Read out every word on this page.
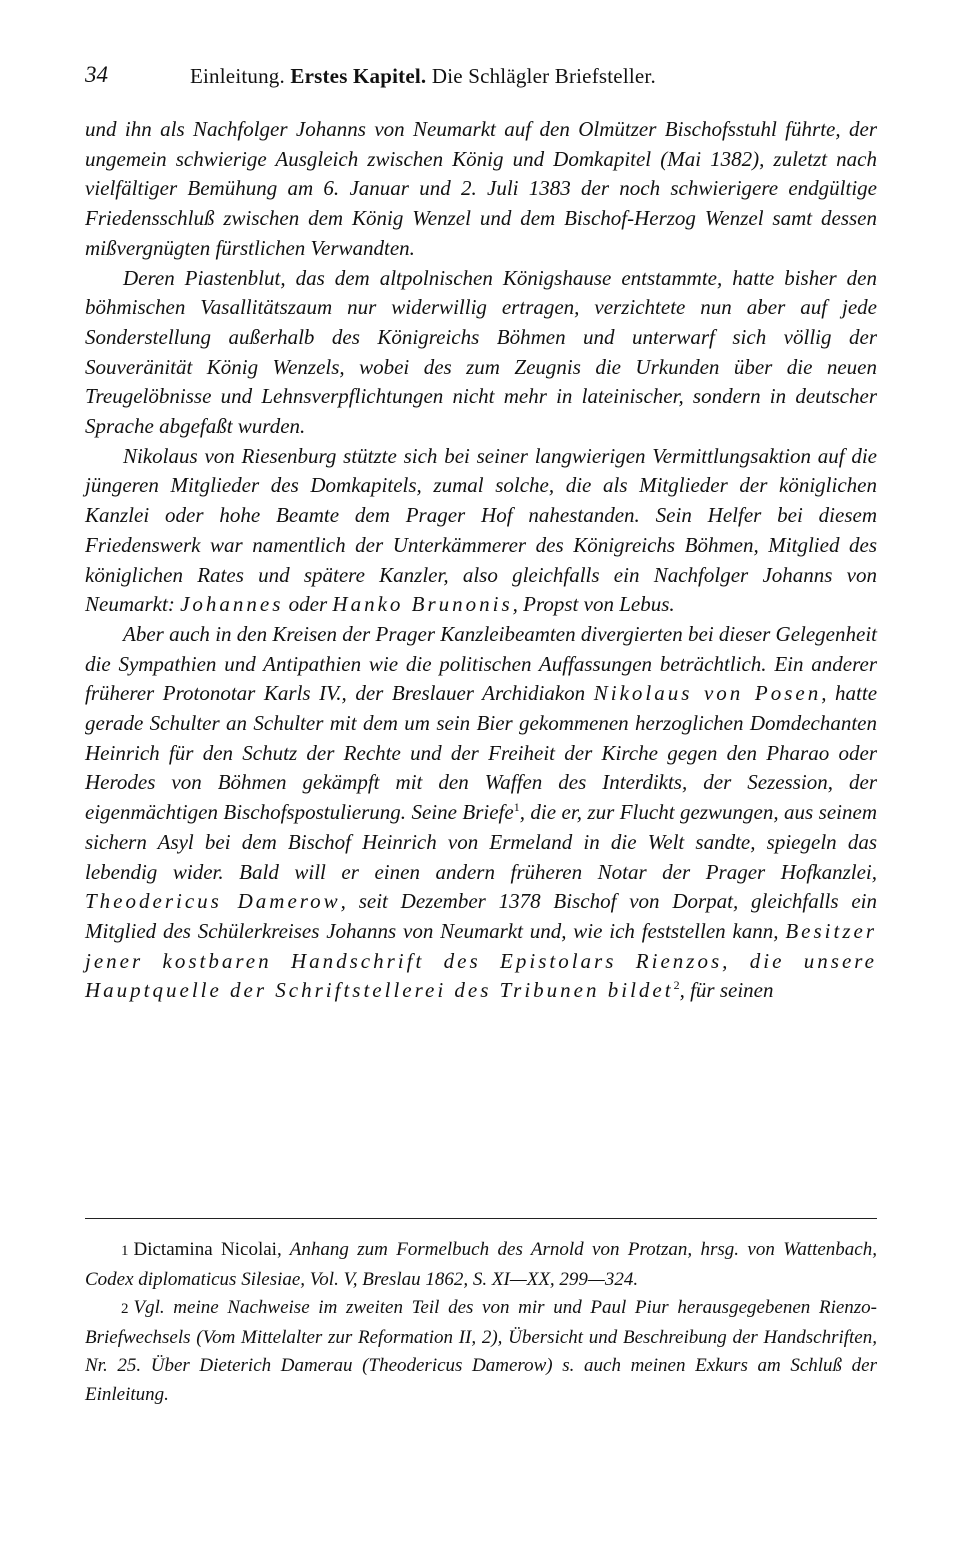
34	Einleitung. Erstes Kapitel. Die Schlägler Briefsteller.

und ihn als Nachfolger Johanns von Neumarkt auf den Olmützer Bischofsstuhl führte, der ungemein schwierige Ausgleich zwischen König und Domkapitel (Mai 1382), zuletzt nach vielfältiger Bemühung am 6. Januar und 2. Juli 1383 der noch schwierigere endgültige Friedensschluß zwischen dem König Wenzel und dem Bischof-Herzog Wenzel samt dessen mißvergnügten fürstlichen Verwandten.

Deren Piastenblut, das dem altpolnischen Königshause entstammte, hatte bisher den böhmischen Vasallitätszaum nur widerwillig ertragen, verzichtete nun aber auf jede Sonderstellung außerhalb des Königreichs Böhmen und unterwarf sich völlig der Souveränität König Wenzels, wobei des zum Zeugnis die Urkunden über die neuen Treugelöbnisse und Lehnsverpflichtungen nicht mehr in lateinischer, sondern in deutscher Sprache abgefaßt wurden.

Nikolaus von Riesenburg stützte sich bei seiner langwierigen Vermittlungsaktion auf die jüngeren Mitglieder des Domkapitels, zumal solche, die als Mitglieder der königlichen Kanzlei oder hohe Beamte dem Prager Hof nahestanden. Sein Helfer bei diesem Friedenswerk war namentlich der Unterkämmerer des Königreichs Böhmen, Mitglied des königlichen Rates und spätere Kanzler, also gleichfalls ein Nachfolger Johanns von Neumarkt: Johannes oder Hanko Brunonis, Propst von Lebus.

Aber auch in den Kreisen der Prager Kanzleibeamten divergierten bei dieser Gelegenheit die Sympathien und Antipathien wie die politischen Auffassungen beträchtlich. Ein anderer früherer Protonotar Karls IV., der Breslauer Archidiakon Nikolaus von Posen, hatte gerade Schulter an Schulter mit dem um sein Bier gekommenen herzoglichen Domdechanten Heinrich für den Schutz der Rechte und der Freiheit der Kirche gegen den Pharao oder Herodes von Böhmen gekämpft mit den Waffen des Interdikts, der Sezession, der eigenmächtigen Bischofspostulierung. Seine Briefe$^1$, die er, zur Flucht gezwungen, aus seinem sichern Asyl bei dem Bischof Heinrich von Ermeland in die Welt sandte, spiegeln das lebendig wider. Bald will er einen andern früheren Notar der Prager Hofkanzlei, Theodericus Damerow, seit Dezember 1378 Bischof von Dorpat, gleichfalls ein Mitglied des Schülerkreises Johanns von Neumarkt und, wie ich feststellen kann, Besitzer jener kostbaren Handschrift des Epistolars Rienzos, die unsere Hauptquelle der Schriftstellerei des Tribunen bildet$^2$, für seinen

1 Dictamina Nicolai, Anhang zum Formelbuch des Arnold von Protzan, hrsg. von Wattenbach, Codex diplomaticus Silesiae, Vol. V, Breslau 1862, S. XI—XX, 299—324.

2 Vgl. meine Nachweise im zweiten Teil des von mir und Paul Piur herausgegebenen Rienzo-Briefwechsels (Vom Mittelalter zur Reformation II, 2), Übersicht und Beschreibung der Handschriften, Nr. 25. Über Dieterich Damerau (Theodericus Damerow) s. auch meinen Exkurs am Schluß der Einleitung.
